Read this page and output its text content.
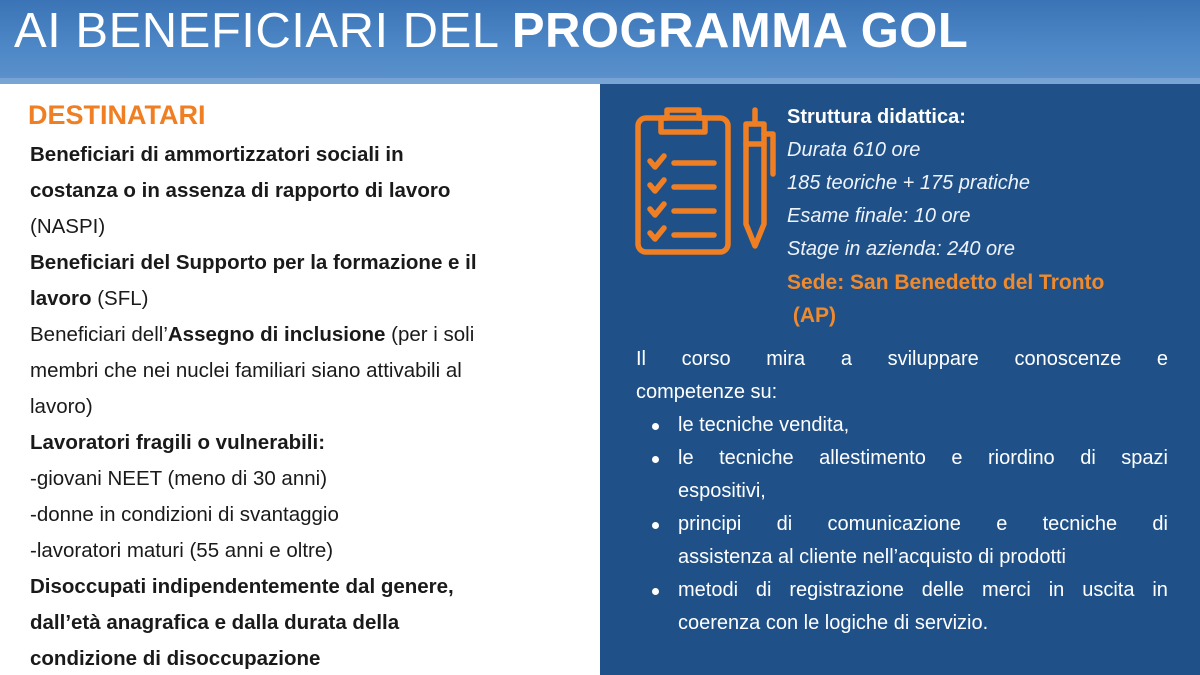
AI BENEFICIARI DEL PROGRAMMA GOL
DESTINATARI
Beneficiari di ammortizzatori sociali in
costanza o in assenza di rapporto di lavoro
(NASPI)
Beneficiari del Supporto per la formazione e il
lavoro (SFL)
Beneficiari dell’Assegno di inclusione (per i soli
membri che nei nuclei familiari siano attivabili al
lavoro)
Lavoratori fragili o vulnerabili:
-giovani NEET (meno di 30 anni)
-donne in condizioni di svantaggio
-lavoratori maturi (55 anni e oltre)
Disoccupati indipendentemente dal genere,
dall’età anagrafica e dalla durata della
condizione di disoccupazione
Struttura didattica:
Durata 610 ore
185 teoriche + 175 pratiche
Esame finale: 10 ore
Stage in azienda: 240 ore
Sede: San Benedetto del Tronto
(AP)
Il corso mira a sviluppare conoscenze e
competenze su:
le tecniche vendita,
le tecniche allestimento e riordino di spazi
espositivi,
principi di comunicazione e tecniche di
assistenza al cliente nell’acquisto di prodotti
metodi di registrazione delle merci in uscita in
coerenza con le logiche di servizio.
